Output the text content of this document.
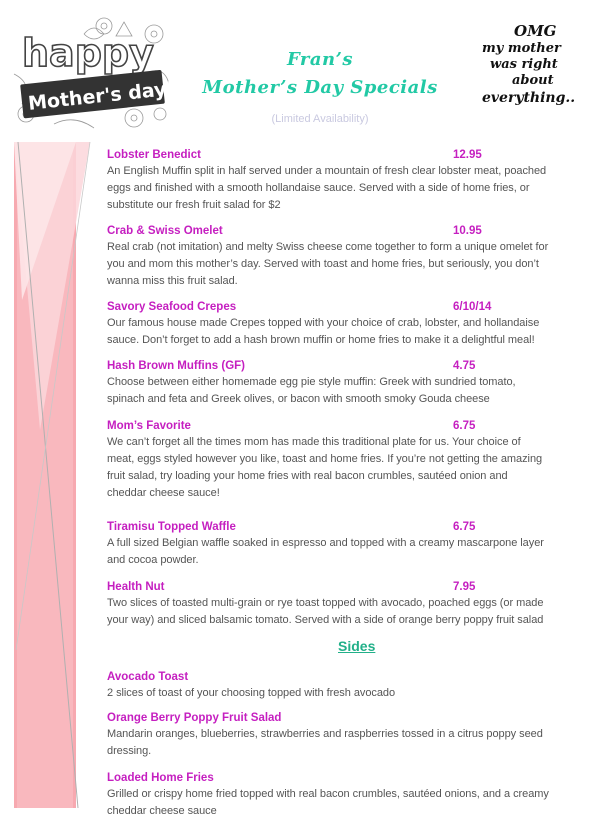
happy
Mother's day!!!
Fran’s
Mother’s Day Specials
(Limited Availability)
OMG
my mother
was right
about
everything..
Lobster Benedict	12.95
An English Muffin split in half served under a mountain of fresh clear lobster meat, poached
eggs and finished with a smooth hollandaise sauce. Served with a side of home fries, or
substitute our fresh fruit salad for $2
Crab & Swiss Omelet	10.95
Real crab (not imitation) and melty Swiss cheese come together to form a unique omelet for
you and mom this mother’s day. Served with toast and home fries, but seriously, you don’t
wanna miss this fruit salad.
Savory Seafood Crepes	6/10/14
Our famous house made Crepes topped with your choice of crab, lobster, and hollandaise
sauce. Don’t forget to add a hash brown muffin or home fries to make it a delightful meal!
Hash Brown Muffins (GF)	4.75
Choose between either homemade egg pie style muffin: Greek with sundried tomato,
spinach and feta and Greek olives, or bacon with smooth smoky Gouda cheese
Mom’s Favorite	6.75
We can’t forget all the times mom has made this traditional plate for us. Your choice of
meat, eggs styled however you like, toast and home fries. If you’re not getting the amazing
fruit salad, try loading your home fries with real bacon crumbles, sautéed onion and
cheddar cheese sauce!
Tiramisu Topped Waffle	6.75
A full sized Belgian waffle soaked in espresso and topped with a creamy mascarpone layer
and cocoa powder.
Health Nut	7.95
Two slices of toasted multi-grain or rye toast topped with avocado, poached eggs (or made
your way) and sliced balsamic tomato. Served with a side of orange berry poppy fruit salad
Sides
Avocado Toast
2 slices of toast of your choosing topped with fresh avocado
Orange Berry Poppy Fruit Salad
Mandarin oranges, blueberries, strawberries and raspberries tossed in a citrus poppy seed
dressing.
Loaded Home Fries
Grilled or crispy home fried topped with real bacon crumbles, sautéed onions, and a creamy
cheddar cheese sauce
